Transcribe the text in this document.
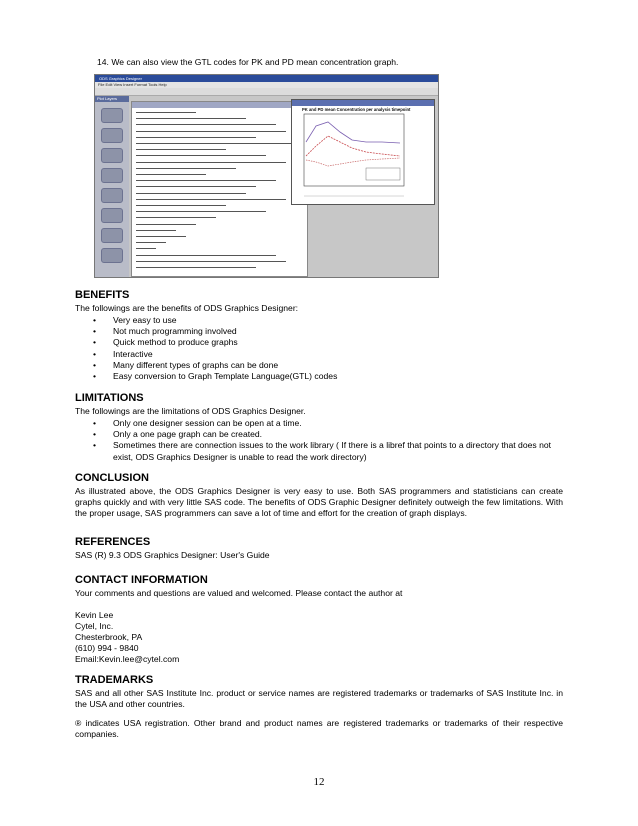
14. We can also view the GTL codes for PK and PD mean concentration graph.
ODS Graphics Designer
File Edit View Insert Format Tools Help
Plot Layers
PK and PD mean Concentration per analysis timepoint
BENEFITS
The followings are the benefits of ODS Graphics Designer:
• Very easy to use
• Not much programming involved
• Quick method to produce graphs
• Interactive
• Many different types of graphs can be done
• Easy conversion to Graph Template Language(GTL) codes
LIMITATIONS
The followings are the limitations of ODS Graphics Designer.
• Only one designer session can be open at a time.
• Only a one page graph can be created.
• Sometimes there are connection issues to the work library ( If there is a libref that points to a directory that does not exist, ODS Graphics Designer is unable to read the work directory)
CONCLUSION
As illustrated above, the ODS Graphics Designer is very easy to use. Both SAS programmers and statisticians can create graphs quickly and with very little SAS code. The benefits of ODS Graphic Designer definitely outweigh the few limitations. With the proper usage, SAS programmers can save a lot of time and effort for the creation of graph displays.
REFERENCES
SAS (R) 9.3 ODS Graphics Designer: User's Guide
CONTACT INFORMATION
Your comments and questions are valued and welcomed. Please contact the author at
Kevin Lee
Cytel, Inc.
Chesterbrook, PA
(610) 994 - 9840
Email:Kevin.lee@cytel.com
TRADEMARKS
SAS and all other SAS Institute Inc. product or service names are registered trademarks or trademarks of SAS Institute Inc. in the USA and other countries.
® indicates USA registration. Other brand and product names are registered trademarks or trademarks of their respective companies.
12
